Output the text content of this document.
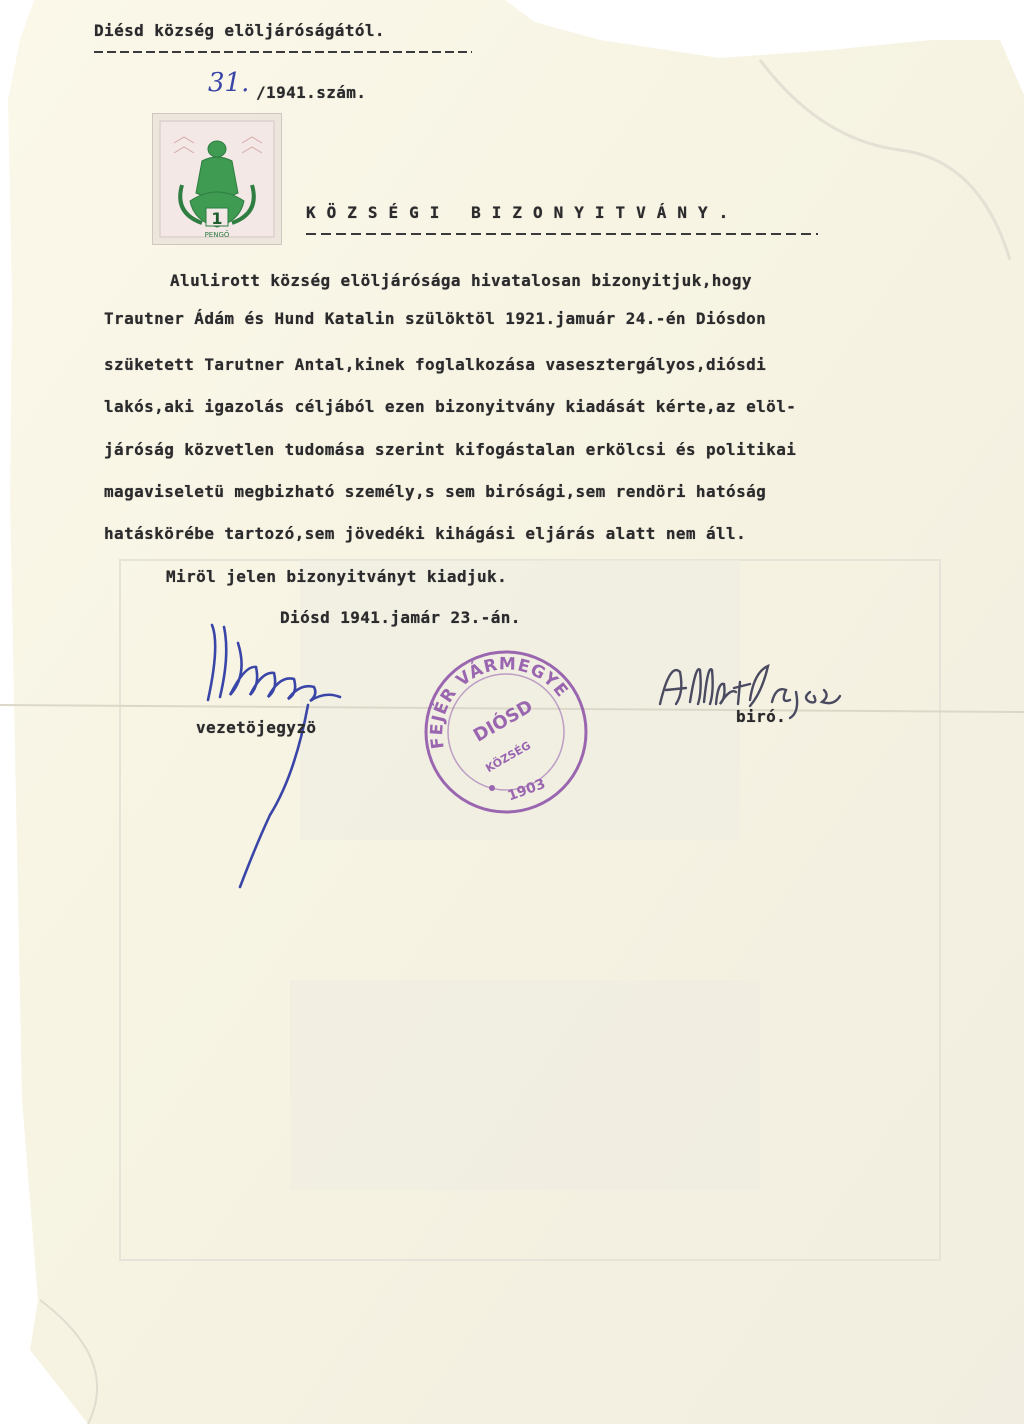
Diésd község elöljáróságától.
31. /1941.szám.
1
PENGŐ
KÖZSÉGI BIZONYITVÁNY.
Alulirott község elöljárósága hivatalosan bizonyitjuk,hogy
Trautner Ádám és Hund Katalin szülöktöl 1921.jamuár 24.-én Diósdon
szüketett Tarutner Antal,kinek foglalkozása vasesztergályos,diósdi
lakós,aki igazolás céljából ezen bizonyitvány kiadását kérte,az elöl-
járóság közvetlen tudomása szerint kifogástalan erkölcsi és politikai
magaviseletü megbizható személy,s sem birósági,sem rendöri hatóság
hatáskörébe tartozó,sem jövedéki kihágási eljárás alatt nem áll.
Miröl jelen bizonyitványt kiadjuk.
Diósd 1941.jamár 23.-án.
vezetöjegyzö
FEJÉR VÁRMEGYE
DIÓSD
KÖZSÉG
1903
biró.
